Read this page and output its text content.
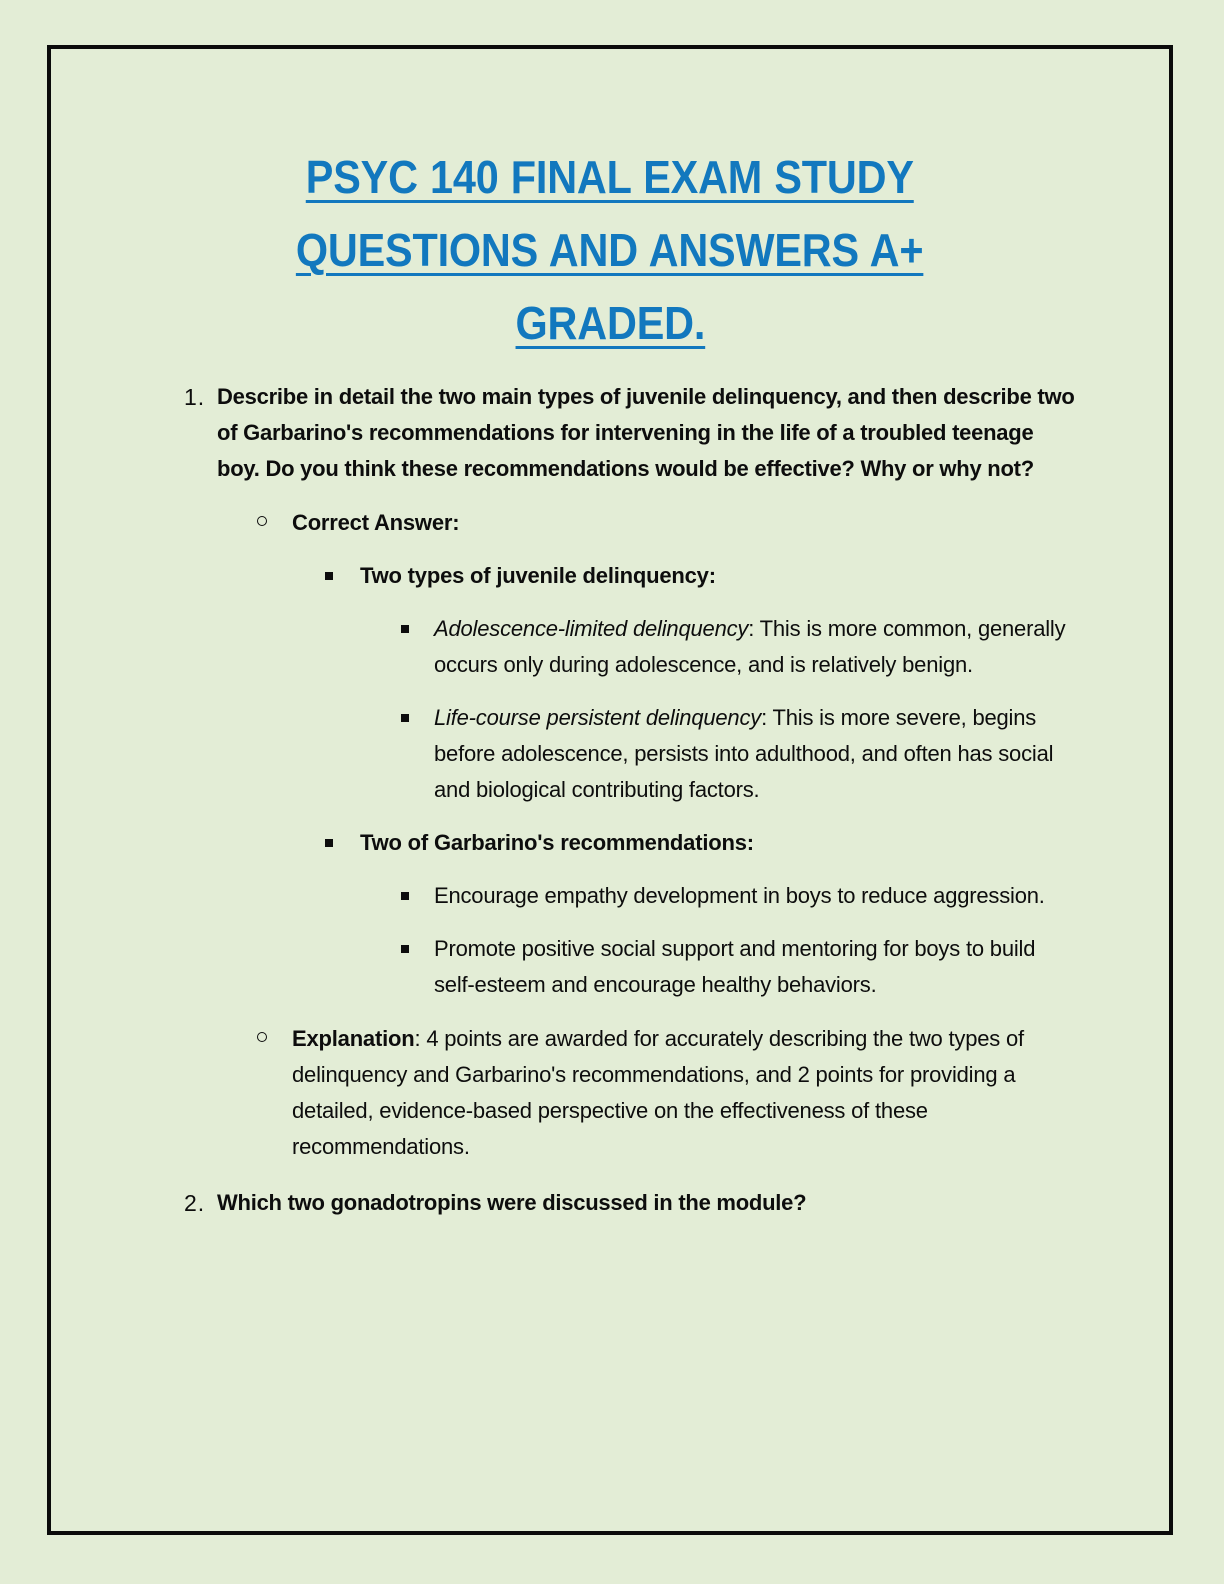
PSYC 140 FINAL EXAM STUDY
QUESTIONS AND ANSWERS A+
GRADED.
1. Describe in detail the two main types of juvenile delinquency, and then describe two of Garbarino's recommendations for intervening in the life of a troubled teenage boy. Do you think these recommendations would be effective? Why or why not?
Correct Answer:
Two types of juvenile delinquency:
Adolescence-limited delinquency: This is more common, generally occurs only during adolescence, and is relatively benign.
Life-course persistent delinquency: This is more severe, begins before adolescence, persists into adulthood, and often has social and biological contributing factors.
Two of Garbarino's recommendations:
Encourage empathy development in boys to reduce aggression.
Promote positive social support and mentoring for boys to build self-esteem and encourage healthy behaviors.
Explanation: 4 points are awarded for accurately describing the two types of delinquency and Garbarino's recommendations, and 2 points for providing a detailed, evidence-based perspective on the effectiveness of these recommendations.
2. Which two gonadotropins were discussed in the module?
